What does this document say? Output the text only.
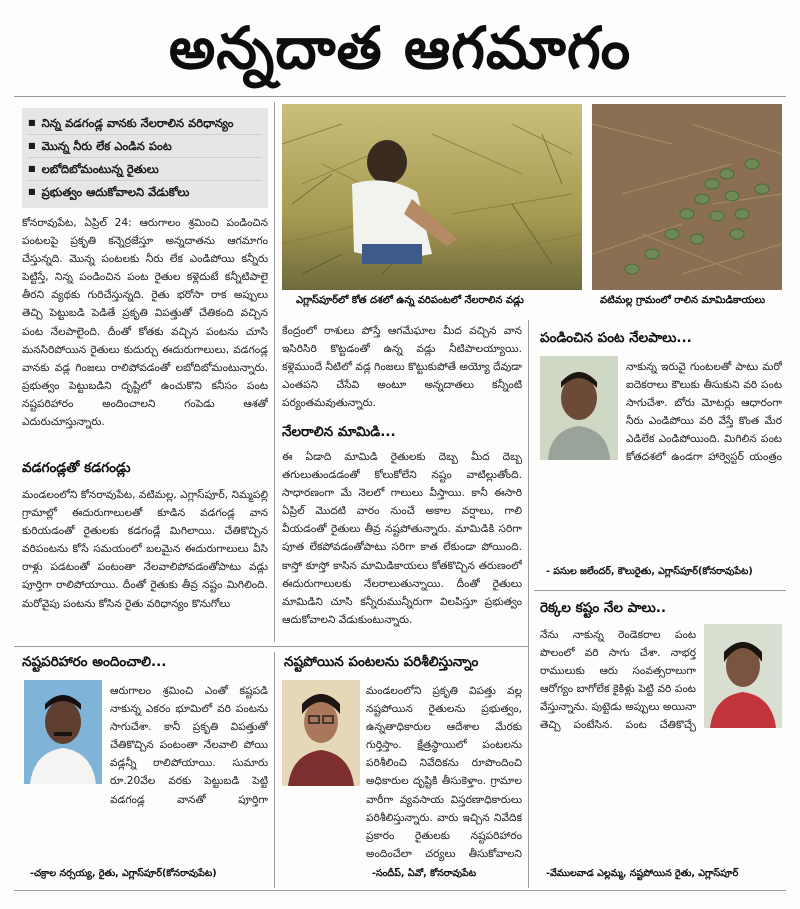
అన్నదాత ఆగమాగం
■ నిన్న వడగండ్ల వానకు నేలరాలిన వరిధాన్యం
■ మొన్న నీరు లేక ఎండిన పంట
■ లబోదిబోమంటున్న రైతులు
■ ప్రభుత్వం ఆదుకోవాలని వేడుకోలు
ఎగ్లాస్‌పూర్‌లో కోత దశలో ఉన్న వరిపంటలో నేలరాలిన వడ్లు	వటిమల్ల గ్రామంలో రాలిన మామిడికాయలు
కోనరావుపేట, ఏప్రిల్ 24: ఆరుగాలం శ్రమించి పండించిన పంటలపై ప్రకృతి కన్నెర్రజేస్తూ అన్నదాతను ఆగమాగం చేస్తున్నది. మొన్న పంటలకు నీరు లేక ఎండిపోయి కన్నీరు పెట్టిస్తే, నిన్న పండించిన పంట రైతుల కళ్లెదుటే కన్నీటిపాలై తీరని వ్యథకు గురిచేస్తున్నది. రైతు భరోసా రాక అప్పులు తెచ్చి పెట్టుబడి పెడితే ప్రకృతి విపత్తుతో చేతికంది వచ్చిన పంట నేలపాలైంది. దీంతో కోతకు వచ్చిన పంటను చూసి మనసిరిపోయిన రైతులు కుదుర్చు ఈదురుగాలులు, వడగండ్ల వానకు వడ్ల గింజలు రాలిపోవడంతో లబోదిబోమంటున్నారు. ప్రభుత్వం పెట్టుబడిని దృష్టిలో ఉంచుకొని కనీసం పంట నష్టపరిహారం అందించాలని గంపెడు ఆశతో ఎదురుచూస్తున్నారు.
వడగండ్లతో కడగండ్లు
మండలంలోని కోనరావుపేట, వటిమల్ల, ఎగ్లాస్‌పూర్, నిమ్మపల్లి గ్రామాల్లో ఈదురుగాలులతో కూడిన వడగండ్ల వాన కురియడంతో రైతులకు కడగండ్లే మిగిలాయి. చేతికొచ్చిన వరిపంటను కోసే సమయంలో బలమైన ఈదురుగాలులు వీసి రాళ్లు పడటంతో పంటంతా నేలవాలిపోవడంతోపాటు వడ్లు పూర్తిగా రాలిపోయాయి. దీంతో రైతుకు తీవ్ర నష్టం మిగిలింది. మరోవైపు పంటను కోసిన రైతు వరిధాన్యం కొనుగోలు
కేంద్రంలో రాశులు పోస్తే ఆగమేఘాల మీద వచ్చిన వాన ఇసిరిసిరి కొట్టడంతో ఉన్న వడ్లు నీటిపాలయ్యాయి. కళ్లెముందే నీటిలో వడ్ల గింజలు కొట్టుకుపోతే అయ్యో దేవుడా ఎంతపని చేసేవి అంటూ అన్నదాతలు కన్నీంటి పర్యంతమవుతున్నారు.
నేలరాలిన మామిడి...
ఈ ఏడాది మామిడి రైతులకు దెబ్బ మీద దెబ్బ తగులుతుండడంతో కోలుకోలేని నష్టం వాటిల్లుతోంది. సాధారణంగా మే నెలలో గాలులు వీస్తాయి. కానీ ఈసారి ఏప్రిల్ మొదటి వారం నుంచే అకాల వర్షాలు, గాలి వీయడంతో రైతులు తీవ్ర నష్టపోతున్నారు. మామిడికి సరిగా పూత లేకపోవడంతోపాటు సరిగా కాత లేకుండా పోయింది. కాస్తో కూస్తో కాసిన మామిడికాయలు కోతకొచ్చిన తరుణంలో ఈదురుగాలులకు నేలరాలుతున్నాయి. దీంతో రైతులు మామిడిని చూసి కన్నీరుమున్నీరుగా విలపిస్తూ ప్రభుత్వం ఆదుకోవాలని వేడుకుంటున్నారు.
పండించిన పంట నేలపాలు...
నాకున్న ఇరువై గుంటలతో పాటు మరో ఐదెకరాలు కౌలుకు తీసుకుని వరి పంట సాగుచేశా. బోరు మోటర్లు ఆధారంగా నీరు ఎండిపోయి వరి వేస్తే కొంత మేర ఎడిలేక ఎండిపోయింది. మిగిలిన పంట కోతదశలో ఉండగా హార్వెస్టర్ యంత్రం
- పసుల జలేందర్, కౌలురైతు, ఎగ్లాస్‌పూర్(కోనరావుపేట)
రెక్కల కష్టం నేల పాలు..
నేను నాకున్న రెండెకరాల పంట పొలంలో వరి సాగు చేశా. నాభర్త రాములుకు ఆరు సంవత్సరాలుగా ఆరోగ్యం బాగోలేక కైకిళ్లు పెట్టి వరి పంట వేస్తున్నాను. పుట్టెడు అప్పులు అయినా తెచ్చి పంటేసిన. పంట చేతికొచ్చే
-వేములవాడ ఎల్లమ్మ, నష్టపోయిన రైతు, ఎగ్లాస్‌పూర్
నష్టపరిహారం అందించాలి...
ఆరుగాలం శ్రమించి ఎంతో కష్టపడి నాకున్న ఎకరం భూమిలో వరి పంటను సాగుచేశా. కానీ ప్రకృతి విపత్తుతో చేతికొచ్చిన పంటంతా నేలవాలి పోయి వడ్లన్నీ రాలిపోయాయి. సుమారు రూ.20వేల వరకు పెట్టుబడి పెట్టి వడగండ్ల వానతో పూర్తిగా
-చక్రాల నర్సయ్య, రైతు, ఎగ్లాస్‌పూర్(కోనరావుపేట)
నష్టపోయిన పంటలను పరిశీలిస్తున్నాం
మండలంలోని ప్రకృతి విపత్తు వల్ల నష్టపోయిన రైతులను ప్రభుత్వం, ఉన్నతాధికారుల ఆదేశాల మేరకు గుర్తిస్తాం. క్షేత్రస్థాయిలో పంటలను పరిశీలించి నివేదికను రూపొందించి అధికారుల దృష్టికి తీసుకెళ్తాం. గ్రామాల వారీగా వ్యవసాయ విస్తరణాధికారులు పరిశీలిస్తున్నారు. వారు ఇచ్చిన నివేదిక ప్రకారం రైతులకు నష్టపరిహారం అందించేలా చర్యలు తీసుకోవాలని
-సందీప్, ఏవో, కోనరావుపేట
